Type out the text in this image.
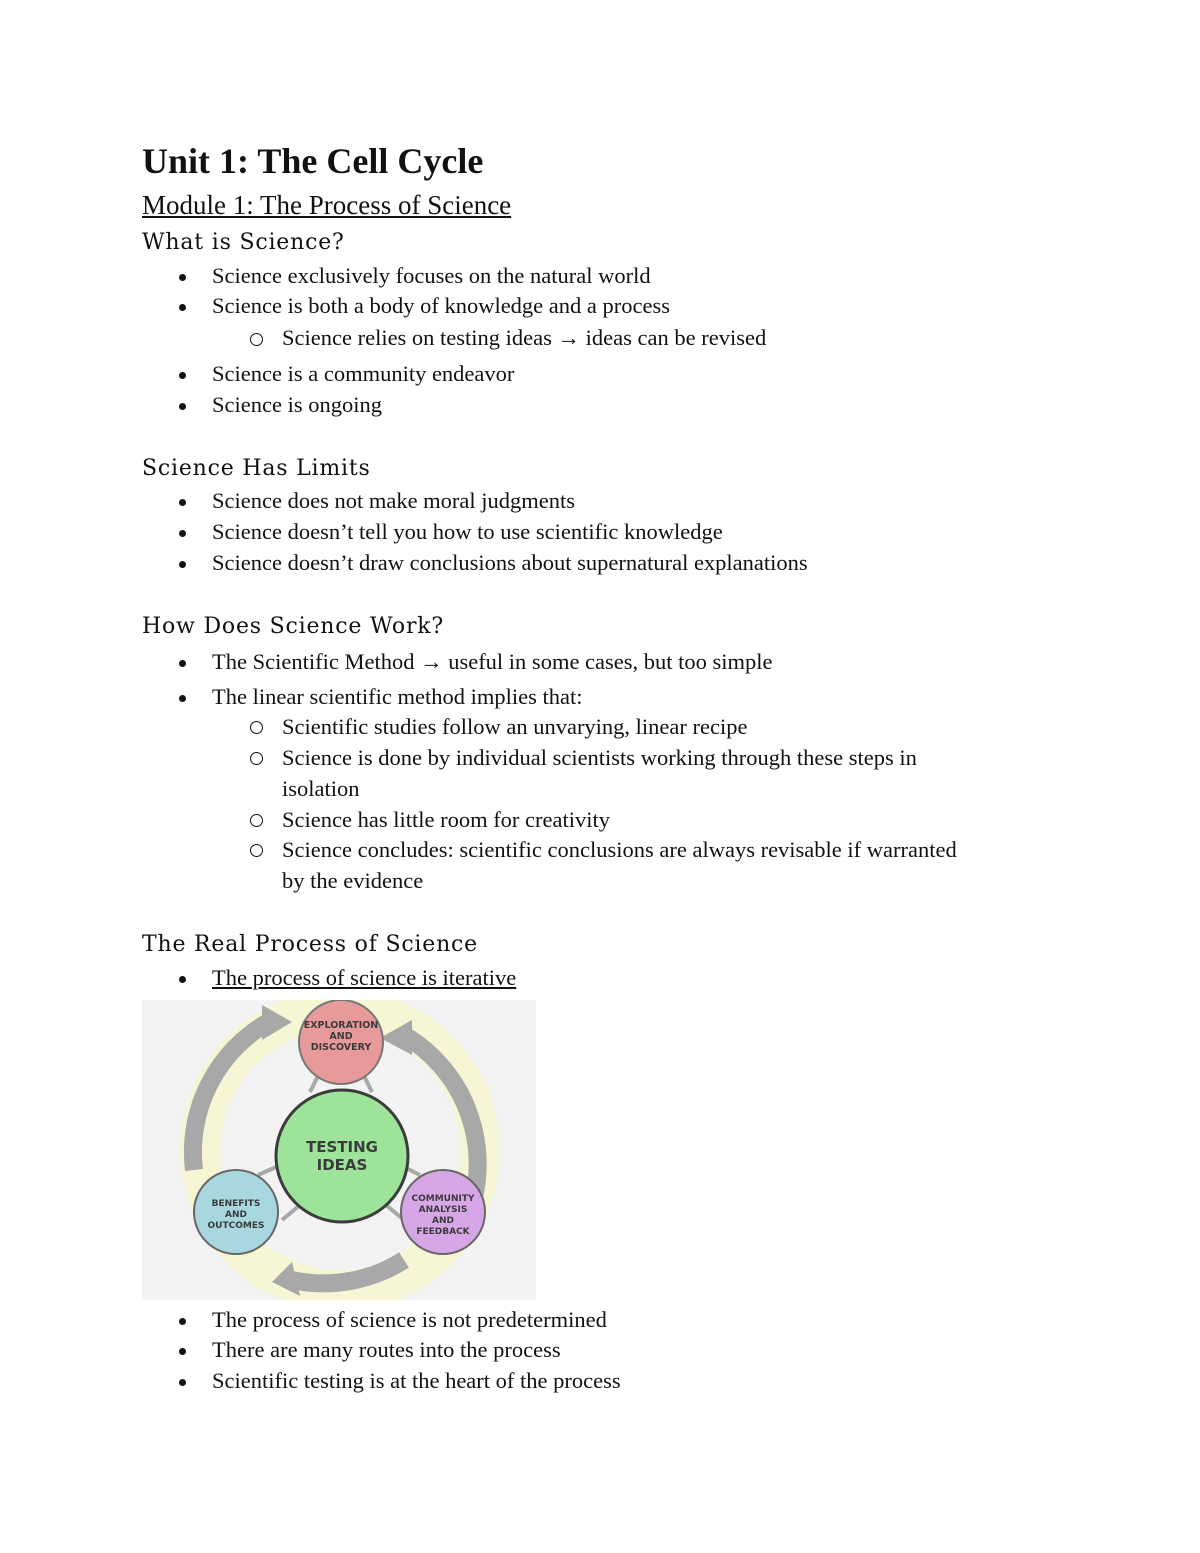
Unit 1: The Cell Cycle
Module 1: The Process of Science
What is Science?
Science exclusively focuses on the natural world
Science is both a body of knowledge and a process
Science relies on testing ideas → ideas can be revised
Science is a community endeavor
Science is ongoing
Science Has Limits
Science does not make moral judgments
Science doesn’t tell you how to use scientific knowledge
Science doesn’t draw conclusions about supernatural explanations
How Does Science Work?
The Scientific Method → useful in some cases, but too simple
The linear scientific method implies that:
Scientific studies follow an unvarying, linear recipe
Science is done by individual scientists working through these steps in
isolation
Science has little room for creativity
Science concludes: scientific conclusions are always revisable if warranted
by the evidence
The Real Process of Science
The process of science is iterative
EXPLORATION
AND
DISCOVERY
TESTING
IDEAS
BENEFITS
AND
OUTCOMES
COMMUNITY
ANALYSIS
AND
FEEDBACK
The process of science is not predetermined
There are many routes into the process
Scientific testing is at the heart of the process
